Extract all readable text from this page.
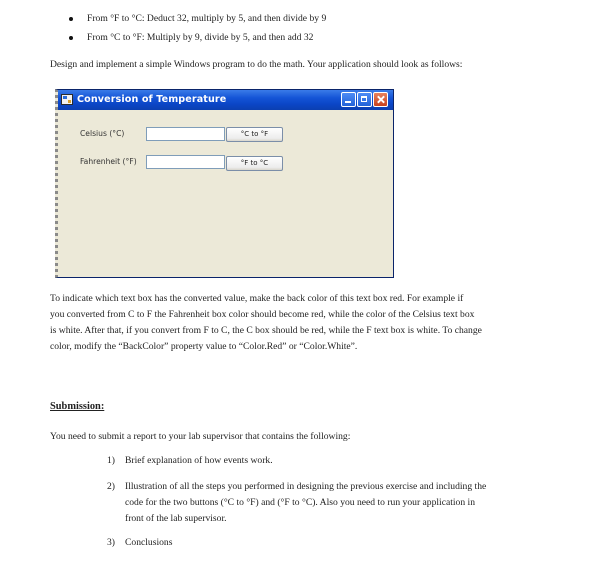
From °F to °C: Deduct 32, multiply by 5, and then divide by 9
From °C to °F: Multiply by 9, divide by 5, and then add 32
Design and implement a simple Windows program to do the math. Your application should look as follows:
Conversion of Temperature
Celsius (°C)	°C to °F
Fahrenheit (°F)	°F to °C
To indicate which text box has the converted value, make the back color of this text box red. For example if
you converted from C to F the Fahrenheit box color should become red, while the color of the Celsius text box
is white. After that, if you convert from F to C, the C box should be red, while the F text box is white. To change
color, modify the “BackColor” property value to “Color.Red” or “Color.White”.
Submission:
You need to submit a report to your lab supervisor that contains the following:
1) Brief explanation of how events work.
2) Illustration of all the steps you performed in designing the previous exercise and including the
code for the two buttons (°C to °F) and (°F to °C). Also you need to run your application in
front of the lab supervisor.
3) Conclusions
